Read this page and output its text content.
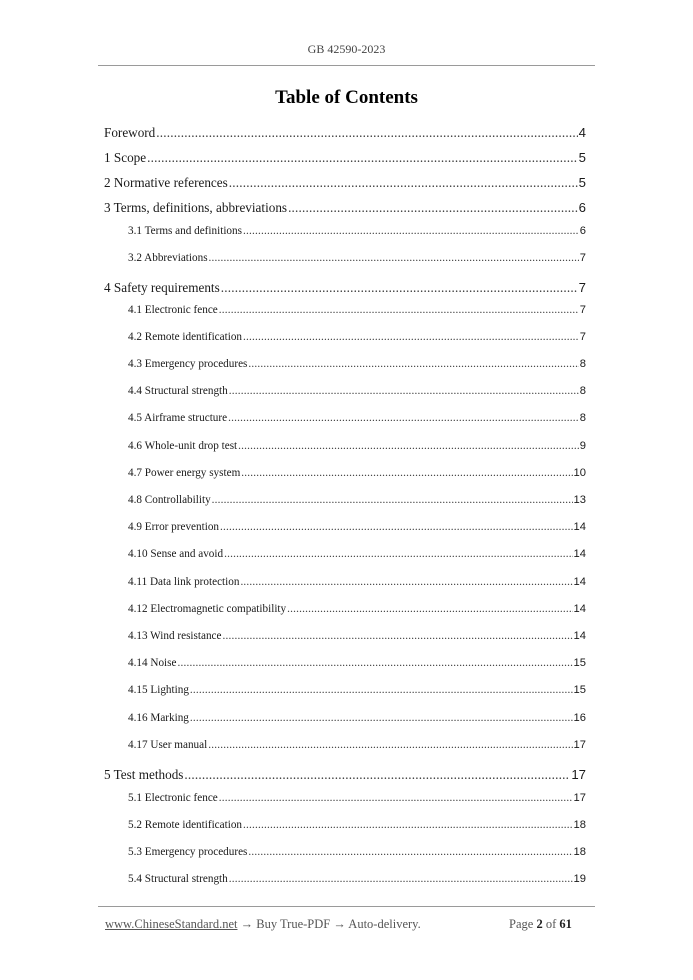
GB 42590-2023
Table of Contents
Foreword .....	4
1 Scope .....	5
2 Normative references .....	5
3 Terms, definitions, abbreviations .....	6
3.1 Terms and definitions .....	6
3.2 Abbreviations .....	7
4 Safety requirements .....	7
4.1 Electronic fence .....	7
4.2 Remote identification .....	7
4.3 Emergency procedures .....	8
4.4 Structural strength .....	8
4.5 Airframe structure .....	8
4.6 Whole-unit drop test .....	9
4.7 Power energy system .....	10
4.8 Controllability .....	13
4.9 Error prevention .....	14
4.10 Sense and avoid .....	14
4.11 Data link protection .....	14
4.12 Electromagnetic compatibility .....	14
4.13 Wind resistance .....	14
4.14 Noise .....	15
4.15 Lighting .....	15
4.16 Marking .....	16
4.17 User manual .....	17
5 Test methods .....	17
5.1 Electronic fence .....	17
5.2 Remote identification .....	18
5.3 Emergency procedures .....	18
5.4 Structural strength .....	19
www.ChineseStandard.net → Buy True-PDF → Auto-delivery.	Page 2 of 61
